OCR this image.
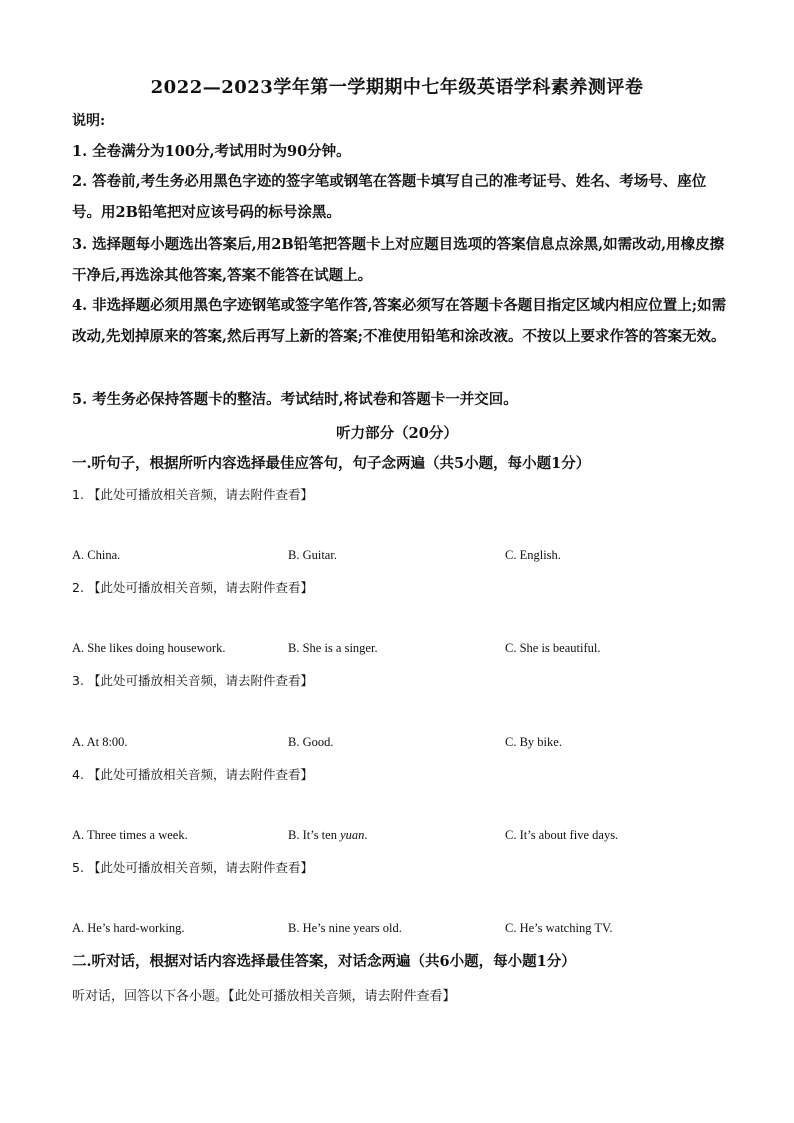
2022—2023学年第一学期期中七年级英语学科素养测评卷
说明:
1. 全卷满分为100分,考试用时为90分钟。
2. 答卷前,考生务必用黑色字迹的签字笔或钢笔在答题卡填写自己的准考证号、姓名、考场号、座位号。用2B铅笔把对应该号码的标号涂黑。
3. 选择题每小题选出答案后,用2B铅笔把答题卡上对应题目选项的答案信息点涂黑,如需改动,用橡皮擦干净后,再选涂其他答案,答案不能答在试题上。
4. 非选择题必须用黑色字迹钢笔或签字笔作答,答案必须写在答题卡各题目指定区域内相应位置上;如需改动,先划掉原来的答案,然后再写上新的答案;不准使用铅笔和涂改液。不按以上要求作答的答案无效。
5. 考生务必保持答题卡的整洁。考试结时,将试卷和答题卡一并交回。
听力部分（20分）
一.听句子，根据所听内容选择最佳应答句，句子念两遍（共5小题，每小题1分）
1. 【此处可播放相关音频，请去附件查看】
A. China.	B. Guitar.	C. English.
2. 【此处可播放相关音频，请去附件查看】
A. She likes doing housework.	B. She is a singer.	C. She is beautiful.
3. 【此处可播放相关音频，请去附件查看】
A. At 8:00.	B. Good.	C. By bike.
4. 【此处可播放相关音频，请去附件查看】
A. Three times a week.	B. It’s ten yuan.	C. It’s about five days.
5. 【此处可播放相关音频，请去附件查看】
A. He’s hard-working.	B. He’s nine years old.	C. He’s watching TV.
二.听对话，根据对话内容选择最佳答案，对话念两遍（共6小题，每小题1分）
听对话，回答以下各小题。【此处可播放相关音频，请去附件查看】
